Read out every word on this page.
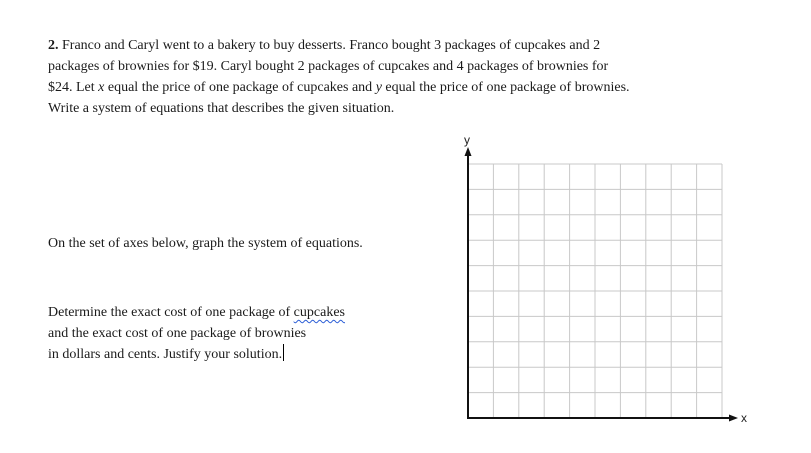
2. Franco and Caryl went to a bakery to buy desserts. Franco bought 3 packages of cupcakes and 2
packages of brownies for $19. Caryl bought 2 packages of cupcakes and 4 packages of brownies for
$24. Let x equal the price of one package of cupcakes and y equal the price of one package of brownies.
Write a system of equations that describes the given situation.
On the set of axes below, graph the system of equations.
Determine the exact cost of one package of cupcakes
and the exact cost of one package of brownies
in dollars and cents. Justify your solution.
y
x
